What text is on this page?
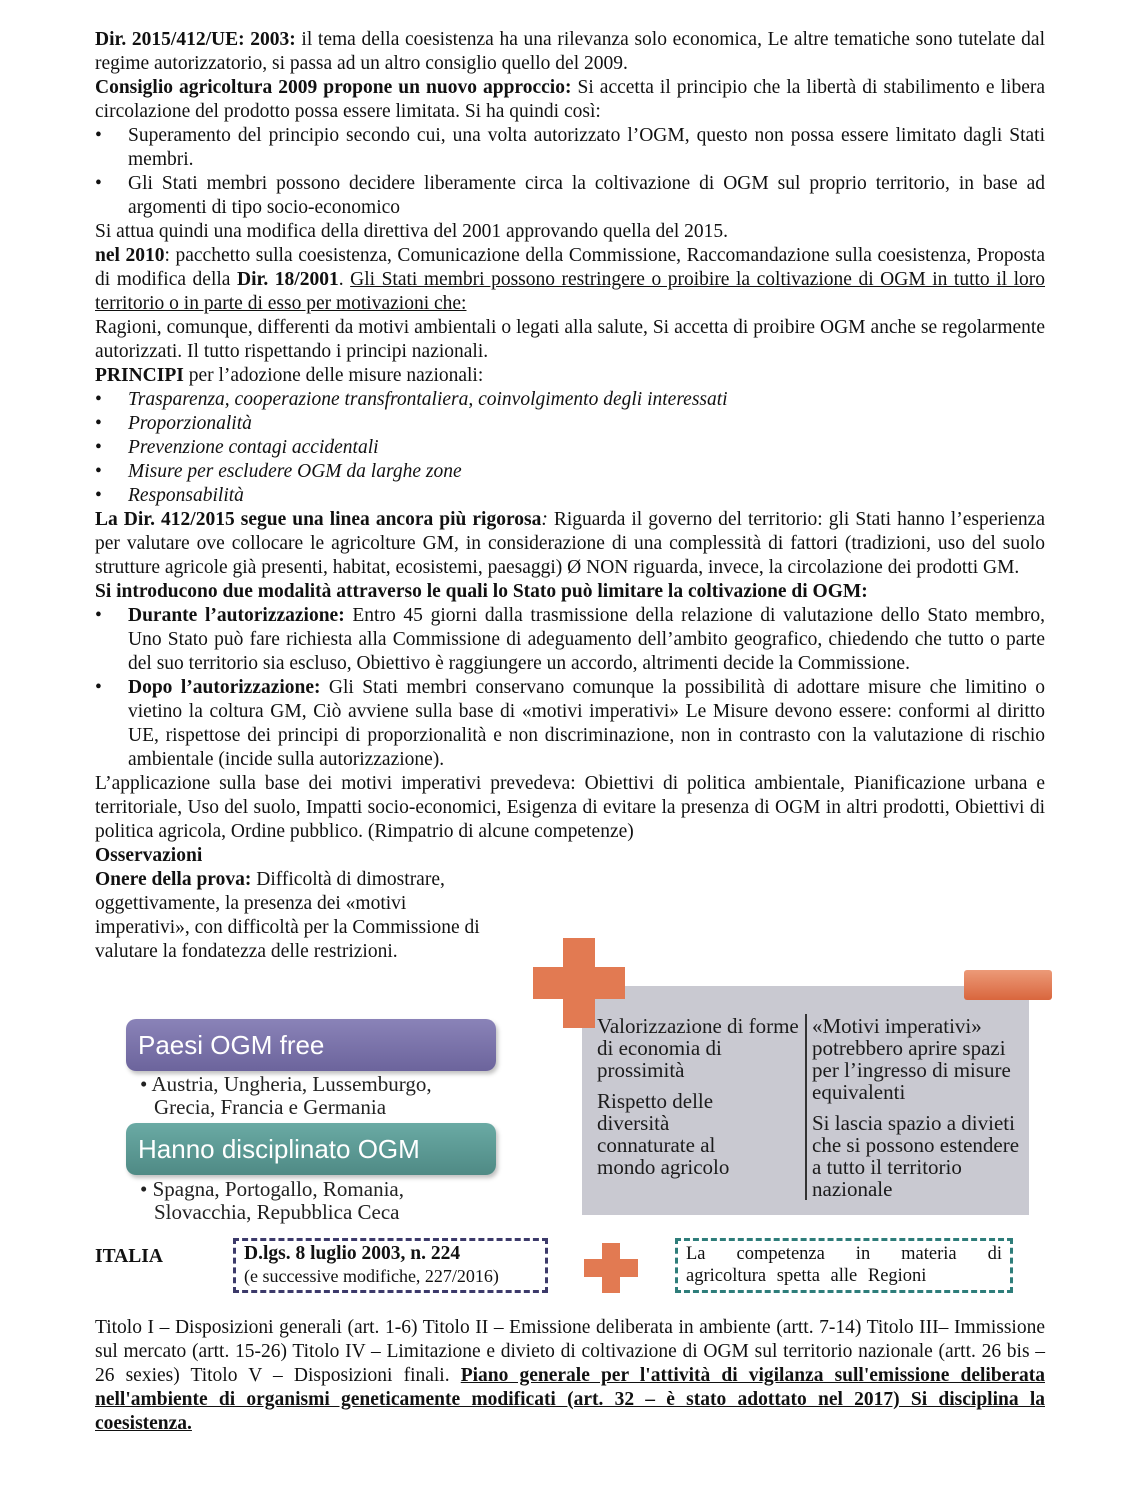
Dir. 2015/412/UE: 2003: il tema della coesistenza ha una rilevanza solo economica, Le altre tematiche sono tutelate dal regime autorizzatorio, si passa ad un altro consiglio quello del 2009.

Consiglio agricoltura 2009 propone un nuovo approccio: Si accetta il principio che la libertà di stabilimento e libera circolazione del prodotto possa essere limitata. Si ha quindi così:

• Superamento del principio secondo cui, una volta autorizzato l’OGM, questo non possa essere limitato dagli Stati membri.
• Gli Stati membri possono decidere liberamente circa la coltivazione di OGM sul proprio territorio, in base ad argomenti di tipo socio-economico

Si attua quindi una modifica della direttiva del 2001 approvando quella del 2015.

nel 2010: pacchetto sulla coesistenza, Comunicazione della Commissione, Raccomandazione sulla coesistenza, Proposta di modifica della Dir. 18/2001. Gli Stati membri possono restringere o proibire la coltivazione di OGM in tutto il loro territorio o in parte di esso per motivazioni che:

Ragioni, comunque, differenti da motivi ambientali o legati alla salute, Si accetta di proibire OGM anche se regolarmente autorizzati. Il tutto rispettando i principi nazionali.

PRINCIPI per l’adozione delle misure nazionali:

• Trasparenza, cooperazione transfrontaliera, coinvolgimento degli interessati
• Proporzionalità
• Prevenzione contagi accidentali
• Misure per escludere OGM da larghe zone
• Responsabilità

La Dir. 412/2015 segue una linea ancora più rigorosa: Riguarda il governo del territorio: gli Stati hanno l’esperienza per valutare ove collocare le agricolture GM, in considerazione di una complessità di fattori (tradizioni, uso del suolo strutture agricole già presenti, habitat, ecosistemi, paesaggi) Ø NON riguarda, invece, la circolazione dei prodotti GM.

Si introducono due modalità attraverso le quali lo Stato può limitare la coltivazione di OGM:

• Durante l’autorizzazione: Entro 45 giorni dalla trasmissione della relazione di valutazione dello Stato membro, Uno Stato può fare richiesta alla Commissione di adeguamento dell’ambito geografico, chiedendo che tutto o parte del suo territorio sia escluso, Obiettivo è raggiungere un accordo, altrimenti decide la Commissione.
• Dopo l’autorizzazione: Gli Stati membri conservano comunque la possibilità di adottare misure che limitino o vietino la coltura GM, Ciò avviene sulla base di «motivi imperativi» Le Misure devono essere: conformi al diritto UE, rispettose dei principi di proporzionalità e non discriminazione, non in contrasto con la valutazione di rischio ambientale (incide sulla autorizzazione).

L’applicazione sulla base dei motivi imperativi prevedeva: Obiettivi di politica ambientale, Pianificazione urbana e territoriale, Uso del suolo, Impatti socio-economici, Esigenza di evitare la presenza di OGM in altri prodotti, Obiettivi di politica agricola, Ordine pubblico. (Rimpatrio di alcune competenze)

Osservazioni

Onere della prova: Difficoltà di dimostrare, oggettivamente, la presenza dei «motivi imperativi», con difficoltà per la Commissione di valutare la fondatezza delle restrizioni.

Paesi OGM free
• Austria, Ungheria, Lussemburgo,
Grecia, Francia e Germania
Hanno disciplinato OGM
• Spagna, Portogallo, Romania,
Slovacchia, Repubblica Ceca
Valorizzazione di forme di economia di prossimità
Rispetto delle diversità connaturate al mondo agricolo
«Motivi imperativi» potrebbero aprire spazi per l’ingresso di misure equivalenti
Si lascia spazio a divieti che si possono estendere a tutto il territorio nazionale
ITALIA	D.lgs. 8 luglio 2003, n. 224
(e successive modifiche, 227/2016)
La competenza in materia di agricoltura spetta alle Regioni

Titolo I – Disposizioni generali (art. 1-6) Titolo II – Emissione deliberata in ambiente (artt. 7-14) Titolo III– Immissione sul mercato (artt. 15-26) Titolo IV – Limitazione e divieto di coltivazione di OGM sul territorio nazionale (artt. 26 bis – 26 sexies) Titolo V – Disposizioni finali. Piano generale per l'attività di vigilanza sull'emissione deliberata nell'ambiente di organismi geneticamente modificati (art. 32 – è stato adottato nel 2017) Si disciplina la coesistenza.
